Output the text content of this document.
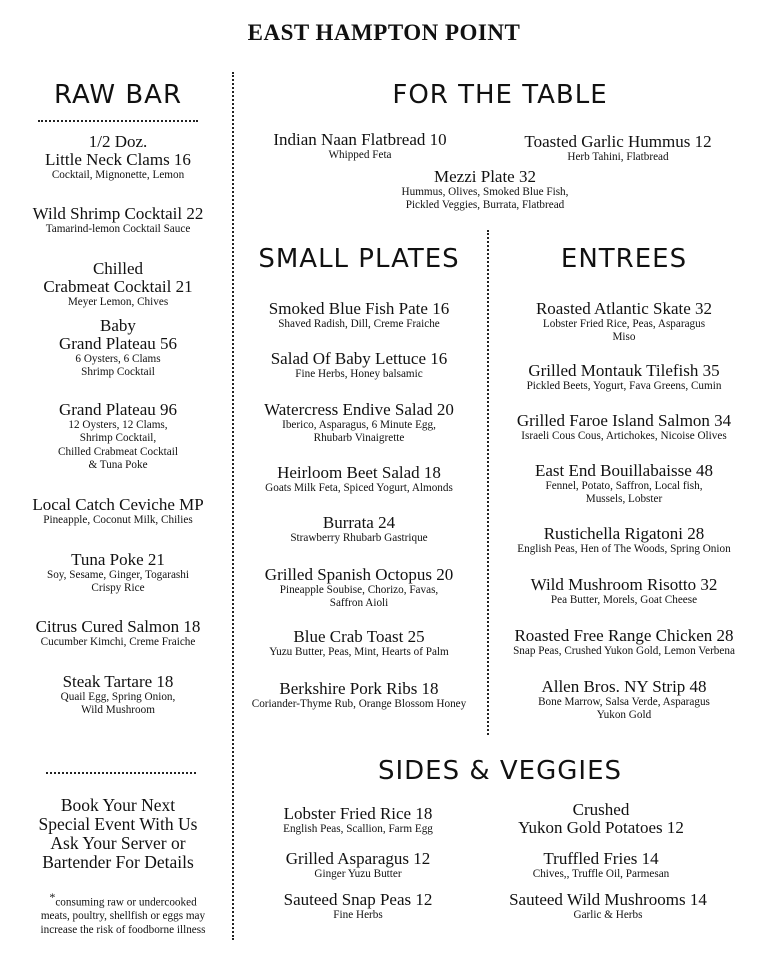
EAST HAMPTON POINT
RAW BAR
1/2 Doz.
Little Neck Clams 16
Cocktail, Mignonette, Lemon
Wild Shrimp Cocktail 22
Tamarind-lemon Cocktail Sauce
Chilled
Crabmeat Cocktail 21
Meyer Lemon, Chives
Baby
Grand Plateau 56
6 Oysters, 6 Clams
Shrimp Cocktail
Grand Plateau 96
12 Oysters, 12 Clams,
Shrimp Cocktail,
Chilled Crabmeat Cocktail
& Tuna Poke
Local Catch Ceviche MP
Pineapple, Coconut Milk, Chilies
Tuna Poke 21
Soy, Sesame, Ginger, Togarashi
Crispy Rice
Citrus Cured Salmon 18
Cucumber Kimchi, Creme Fraiche
Steak Tartare 18
Quail Egg, Spring Onion,
Wild Mushroom
Book Your Next
Special Event With Us
Ask Your Server or
Bartender For Details
*consuming raw or undercooked
meats, poultry, shellfish or eggs may
increase the risk of foodborne illness
FOR THE TABLE
Indian Naan Flatbread 10
Whipped Feta
Toasted Garlic Hummus 12
Herb Tahini, Flatbread
Mezzi Plate 32
Hummus, Olives, Smoked Blue Fish,
Pickled Veggies, Burrata, Flatbread
SMALL PLATES
Smoked Blue Fish Pate 16
Shaved Radish, Dill, Creme Fraiche
Salad Of Baby Lettuce 16
Fine Herbs, Honey balsamic
Watercress Endive Salad 20
Iberico, Asparagus, 6 Minute Egg,
Rhubarb Vinaigrette
Heirloom Beet Salad 18
Goats Milk Feta, Spiced Yogurt, Almonds
Burrata 24
Strawberry Rhubarb Gastrique
Grilled Spanish Octopus 20
Pineapple Soubise, Chorizo, Favas,
Saffron Aioli
Blue Crab Toast 25
Yuzu Butter, Peas, Mint, Hearts of Palm
Berkshire Pork Ribs 18
Coriander-Thyme Rub, Orange Blossom Honey
ENTREES
Roasted Atlantic Skate 32
Lobster Fried Rice, Peas, Asparagus
Miso
Grilled Montauk Tilefish 35
Pickled Beets, Yogurt, Fava Greens, Cumin
Grilled Faroe Island Salmon 34
Israeli Cous Cous, Artichokes, Nicoise Olives
East End Bouillabaisse 48
Fennel, Potato, Saffron, Local fish,
Mussels, Lobster
Rustichella Rigatoni 28
English Peas, Hen of The Woods, Spring Onion
Wild Mushroom Risotto 32
Pea Butter, Morels, Goat Cheese
Roasted Free Range Chicken 28
Snap Peas, Crushed Yukon Gold, Lemon Verbena
Allen Bros. NY Strip 48
Bone Marrow, Salsa Verde, Asparagus
Yukon Gold
SIDES & VEGGIES
Lobster Fried Rice 18
English Peas, Scallion, Farm Egg
Crushed
Yukon Gold Potatoes 12
Grilled Asparagus 12
Ginger Yuzu Butter
Truffled Fries 14
Chives,, Truffle Oil, Parmesan
Sauteed Snap Peas 12
Fine Herbs
Sauteed Wild Mushrooms 14
Garlic & Herbs
